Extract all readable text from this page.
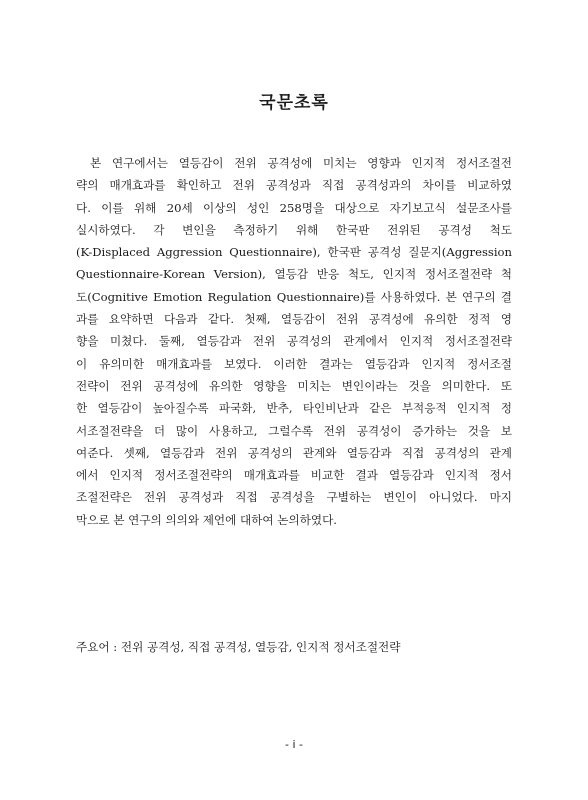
국문초록
본 연구에서는 열등감이 전위 공격성에 미치는 영향과 인지적 정서조절전
략의 매개효과를 확인하고 전위 공격성과 직접 공격성과의 차이를 비교하였
다. 이를 위해 20세 이상의 성인 258명을 대상으로 자기보고식 설문조사를
실시하였다. 각 변인을 측정하기 위해 한국판 전위된 공격성 척도
(K-Displaced Aggression Questionnaire), 한국판 공격성 질문지(Aggression
Questionnaire-Korean Version), 열등감 반응 척도, 인지적 정서조절전략 척
도(Cognitive Emotion Regulation Questionnaire)를 사용하였다. 본 연구의 결
과를 요약하면 다음과 같다. 첫째, 열등감이 전위 공격성에 유의한 정적 영
향을 미쳤다. 둘째, 열등감과 전위 공격성의 관계에서 인지적 정서조절전략
이 유의미한 매개효과를 보였다. 이러한 결과는 열등감과 인지적 정서조절
전략이 전위 공격성에 유의한 영향을 미치는 변인이라는 것을 의미한다. 또
한 열등감이 높아질수록 파국화, 반추, 타인비난과 같은 부적응적 인지적 정
서조절전략을 더 많이 사용하고, 그럴수록 전위 공격성이 증가하는 것을 보
여준다. 셋째, 열등감과 전위 공격성의 관계와 열등감과 직접 공격성의 관계
에서 인지적 정서조절전략의 매개효과를 비교한 결과 열등감과 인지적 정서
조절전략은 전위 공격성과 직접 공격성을 구별하는 변인이 아니었다. 마지
막으로 본 연구의 의의와 제언에 대하여 논의하였다.
주요어 : 전위 공격성, 직접 공격성, 열등감, 인지적 정서조절전략
- i -
